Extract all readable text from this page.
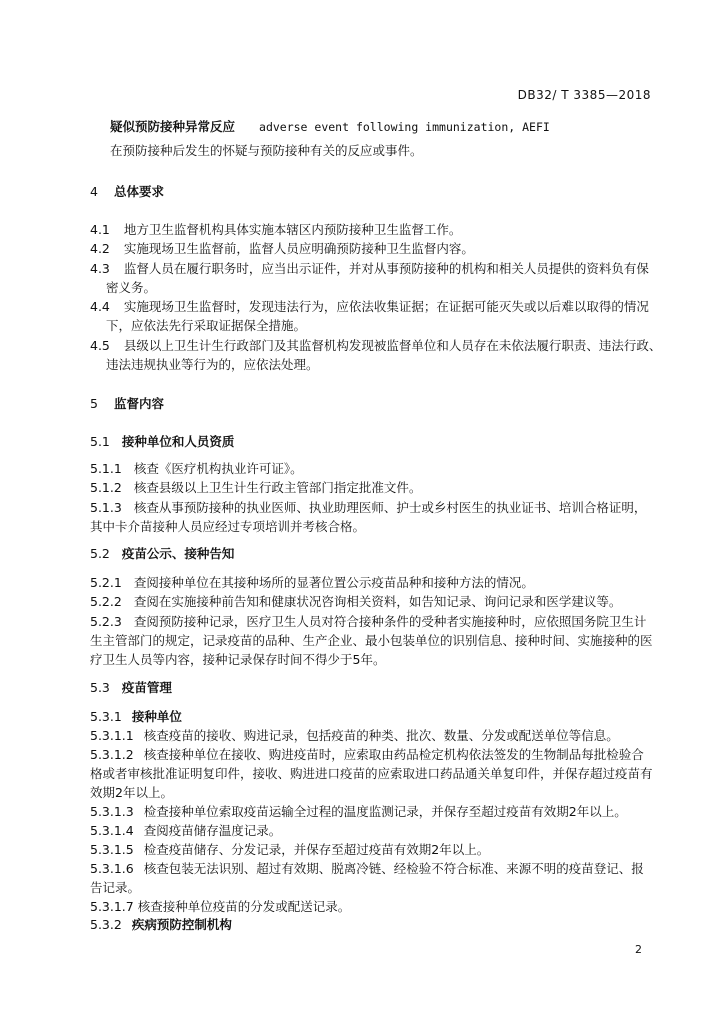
DB32/ T 3385—2018
疑似预防接种异常反应 adverse event following immunization, AEFI
在预防接种后发生的怀疑与预防接种有关的反应或事件。
4 总体要求
4.1 地方卫生监督机构具体实施本辖区内预防接种卫生监督工作。
4.2 实施现场卫生监督前，监督人员应明确预防接种卫生监督内容。
4.3 监督人员在履行职务时，应当出示证件，并对从事预防接种的机构和相关人员提供的资料负有保
密义务。
4.4 实施现场卫生监督时，发现违法行为，应依法收集证据；在证据可能灭失或以后难以取得的情况
下，应依法先行采取证据保全措施。
4.5 县级以上卫生计生行政部门及其监督机构发现被监督单位和人员存在未依法履行职责、违法行政、
违法违规执业等行为的，应依法处理。
5 监督内容
5.1 接种单位和人员资质
5.1.1 核查《医疗机构执业许可证》。
5.1.2 核查县级以上卫生计生行政主管部门指定批准文件。
5.1.3 核查从事预防接种的执业医师、执业助理医师、护士或乡村医生的执业证书、培训合格证明，
其中卡介苗接种人员应经过专项培训并考核合格。
5.2 疫苗公示、接种告知
5.2.1 查阅接种单位在其接种场所的显著位置公示疫苗品种和接种方法的情况。
5.2.2 查阅在实施接种前告知和健康状况咨询相关资料，如告知记录、询问记录和医学建议等。
5.2.3 查阅预防接种记录，医疗卫生人员对符合接种条件的受种者实施接种时，应依照国务院卫生计
生主管部门的规定，记录疫苗的品种、生产企业、最小包装单位的识别信息、接种时间、实施接种的医
疗卫生人员等内容，接种记录保存时间不得少于5年。
5.3 疫苗管理
5.3.1 接种单位
5.3.1.1 核查疫苗的接收、购进记录，包括疫苗的种类、批次、数量、分发或配送单位等信息。
5.3.1.2 核查接种单位在接收、购进疫苗时，应索取由药品检定机构依法签发的生物制品每批检验合
格或者审核批准证明复印件，接收、购进进口疫苗的应索取进口药品通关单复印件，并保存超过疫苗有
效期2年以上。
5.3.1.3 检查接种单位索取疫苗运输全过程的温度监测记录，并保存至超过疫苗有效期2年以上。
5.3.1.4 查阅疫苗储存温度记录。
5.3.1.5 检查疫苗储存、分发记录，并保存至超过疫苗有效期2年以上。
5.3.1.6 核查包装无法识别、超过有效期、脱离冷链、经检验不符合标准、来源不明的疫苗登记、报
告记录。
5.3.1.7 核查接种单位疫苗的分发或配送记录。
5.3.2 疾病预防控制机构
2
